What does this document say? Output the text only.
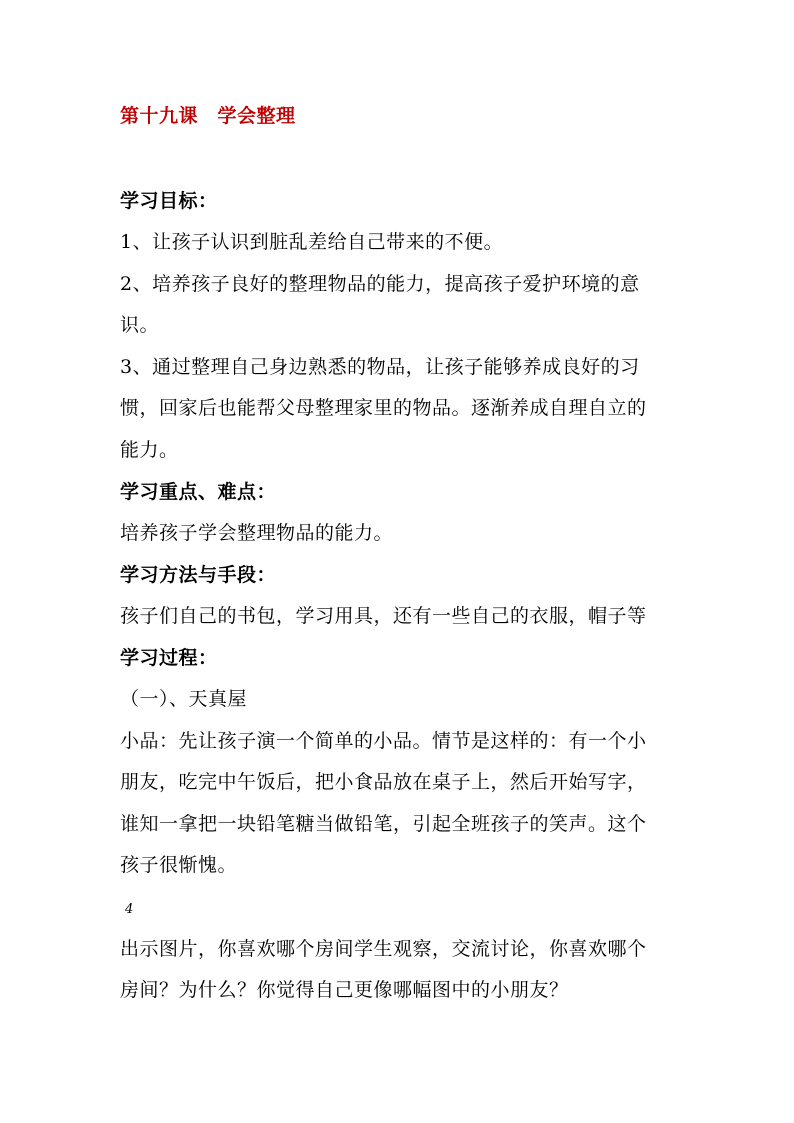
第十九课　学会整理
学习目标：
1、让孩子认识到脏乱差给自己带来的不便。
2、培养孩子良好的整理物品的能力，提高孩子爱护环境的意
识。
3、通过整理自己身边熟悉的物品，让孩子能够养成良好的习
惯，回家后也能帮父母整理家里的物品。逐渐养成自理自立的
能力。
学习重点、难点：
培养孩子学会整理物品的能力。
学习方法与手段：
孩子们自己的书包，学习用具，还有一些自己的衣服，帽子等
学习过程：
（一）、天真屋
小品：先让孩子演一个简单的小品。情节是这样的：有一个小
朋友，吃完中午饭后，把小食品放在桌子上，然后开始写字，
谁知一拿把一块铅笔糖当做铅笔，引起全班孩子的笑声。这个
孩子很惭愧。
4
出示图片，你喜欢哪个房间学生观察，交流讨论，你喜欢哪个
房间？为什么？你觉得自己更像哪幅图中的小朋友？
